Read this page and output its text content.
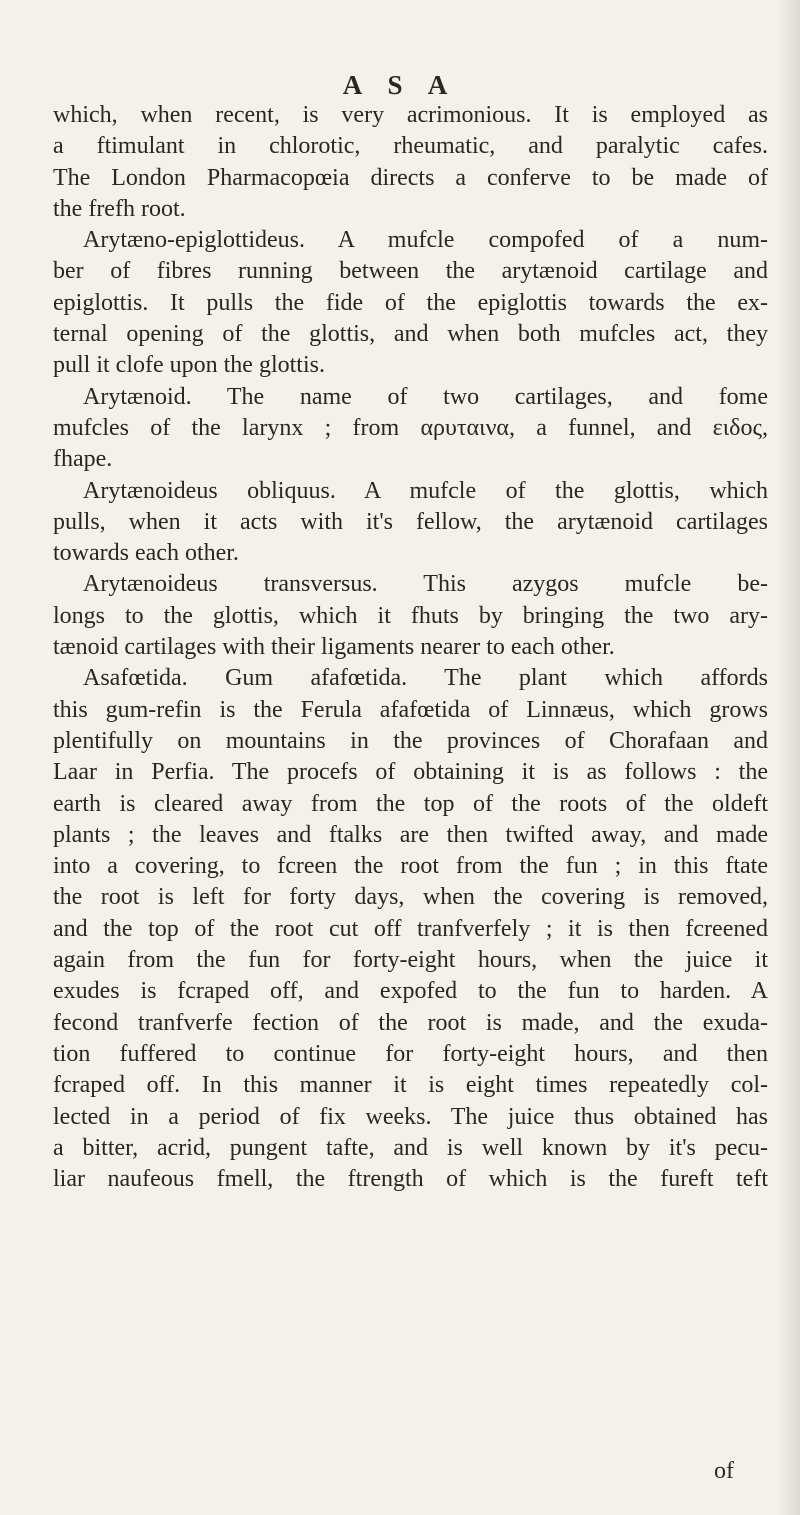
A S A
which, when recent, is very acrimonious. It is employed as
a ftimulant in chlorotic, rheumatic, and paralytic cafes.
The London Pharmacopœia directs a conferve to be made of
the frefh root.
Arytæno-epiglottideus. A mufcle compofed of a num-
ber of fibres running between the arytænoid cartilage and
epiglottis. It pulls the fide of the epiglottis towards the ex-
ternal opening of the glottis, and when both mufcles act, they
pull it clofe upon the glottis.
Arytænoid. The name of two cartilages, and fome
mufcles of the larynx ; from αρυταινα, a funnel, and ειδος,
fhape.
Arytænoideus obliquus. A mufcle of the glottis, which
pulls, when it acts with it's fellow, the arytænoid cartilages
towards each other.
Arytænoideus transversus. This azygos mufcle be-
longs to the glottis, which it fhuts by bringing the two ary-
tænoid cartilages with their ligaments nearer to each other.
Asafœtida. Gum afafœtida. The plant which affords
this gum-refin is the Ferula afafœtida of Linnæus, which grows
plentifully on mountains in the provinces of Chorafaan and
Laar in Perfia. The procefs of obtaining it is as follows : the
earth is cleared away from the top of the roots of the oldeft
plants ; the leaves and ftalks are then twifted away, and made
into a covering, to fcreen the root from the fun ; in this ftate
the root is left for forty days, when the covering is removed,
and the top of the root cut off tranfverfely ; it is then fcreened
again from the fun for forty-eight hours, when the juice it
exudes is fcraped off, and expofed to the fun to harden. A
fecond tranfverfe fection of the root is made, and the exuda-
tion fuffered to continue for forty-eight hours, and then
fcraped off. In this manner it is eight times repeatedly col-
lected in a period of fix weeks. The juice thus obtained has
a bitter, acrid, pungent tafte, and is well known by it's pecu-
liar naufeous fmell, the ftrength of which is the fureft teft
of
